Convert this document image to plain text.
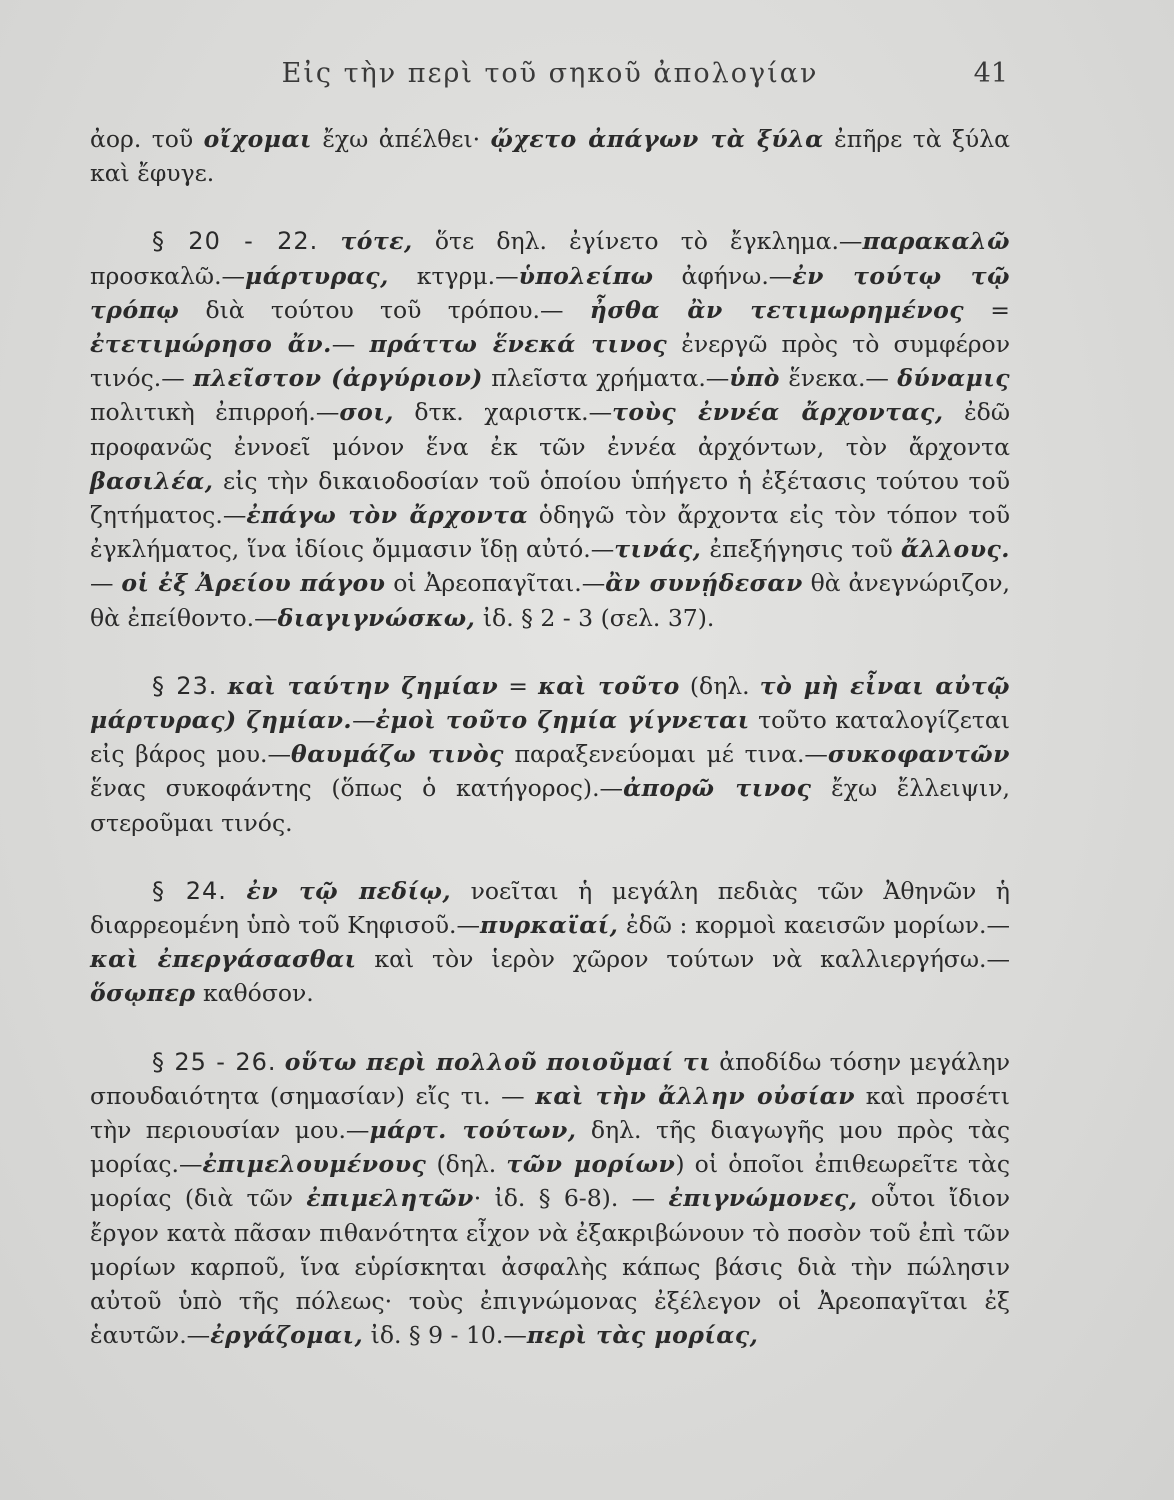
Εἰς τὴν περὶ τοῦ σηκοῦ ἀπολογίαν	41

ἀορ. τοῦ οἴχομαι ἔχω ἀπέλθει· ᾤχετο ἀπάγων τὰ ξύλα ἐπῆρε τὰ ξύλα καὶ ἔφυγε.

§ 20 - 22. τότε, ὅτε δηλ. ἐγίνετο τὸ ἔγκλημα.—παρακαλῶ προσκαλῶ.—μάρτυρας, κτγρμ.—ὑπολείπω ἀφήνω.—ἐν τούτῳ τῷ τρόπῳ διὰ τούτου τοῦ τρόπου.— ἦσθα ἂν τετιμωρημένος = ἐτετιμώρησο ἄν.— πράττω ἕνεκά τινος ἐνεργῶ πρὸς τὸ συμφέρον τινός.— πλεῖστον (ἀργύριον) πλεῖστα χρήματα.—ὑπὸ ἕνεκα.— δύναμις πολιτικὴ ἐπιρροή.—σοι, δτκ. χαριστκ.—τοὺς ἐννέα ἄρχοντας, ἐδῶ προφανῶς ἐννοεῖ μόνον ἕνα ἐκ τῶν ἐννέα ἀρχόντων, τὸν ἄρχοντα βασιλέα, εἰς τὴν δικαιοδοσίαν τοῦ ὁποίου ὑπήγετο ἡ ἐξέτασις τούτου τοῦ ζητήματος.—ἐπάγω τὸν ἄρχοντα ὁδηγῶ τὸν ἄρχοντα εἰς τὸν τόπον τοῦ ἐγκλήματος, ἵνα ἰδίοις ὄμμασιν ἴδῃ αὐτό.—τινάς, ἐπεξήγησις τοῦ ἄλλους.— οἱ ἐξ Ἀρείου πάγου οἱ Ἀρεοπαγῖται.—ἂν συνῄδεσαν θὰ ἀνεγνώριζον, θὰ ἐπείθοντο.—διαγιγνώσκω, ἰδ. § 2 - 3 (σελ. 37).

§ 23. καὶ ταύτην ζημίαν = καὶ τοῦτο (δηλ. τὸ μὴ εἶναι αὐτῷ μάρτυρας) ζημίαν.—ἐμοὶ τοῦτο ζημία γίγνεται τοῦτο καταλογίζεται εἰς βάρος μου.—θαυμάζω τινὸς παραξενεύομαι μέ τινα.—συκοφαντῶν ἕνας συκοφάντης (ὅπως ὁ κατήγορος).—ἀπορῶ τινος ἔχω ἔλλειψιν, στεροῦμαι τινός.

§ 24. ἐν τῷ πεδίῳ, νοεῖται ἡ μεγάλη πεδιὰς τῶν Ἀθηνῶν ἡ διαρρεομένη ὑπὸ τοῦ Κηφισοῦ.—πυρκαϊαί, ἐδῶ : κορμοὶ καεισῶν μορίων.—καὶ ἐπεργάσασθαι καὶ τὸν ἱερὸν χῶρον τούτων νὰ καλλιεργήσω.—ὅσῳπερ καθόσον.

§ 25 - 26. οὕτω περὶ πολλοῦ ποιοῦμαί τι ἀποδίδω τόσην μεγάλην σπουδαιότητα (σημασίαν) εἴς τι. — καὶ τὴν ἄλλην οὐσίαν καὶ προσέτι τὴν περιουσίαν μου.—μάρτ. τούτων, δηλ. τῆς διαγωγῆς μου πρὸς τὰς μορίας.—ἐπιμελουμένους (δηλ. τῶν μορίων) οἱ ὁποῖοι ἐπιθεωρεῖτε τὰς μορίας (διὰ τῶν ἐπιμελητῶν· ἰδ. § 6-8). — ἐπιγνώμονες, οὗτοι ἴδιον ἔργον κατὰ πᾶσαν πιθανότητα εἶχον νὰ ἐξακριβώνουν τὸ ποσὸν τοῦ ἐπὶ τῶν μορίων καρποῦ, ἵνα εὑρίσκηται ἀσφαλὴς κάπως βάσις διὰ τὴν πώλησιν αὐτοῦ ὑπὸ τῆς πόλεως· τοὺς ἐπιγνώμονας ἐξέλεγον οἱ Ἀρεοπαγῖται ἐξ ἑαυτῶν.—ἐργάζομαι, ἰδ. § 9 - 10.—περὶ τὰς μορίας,
